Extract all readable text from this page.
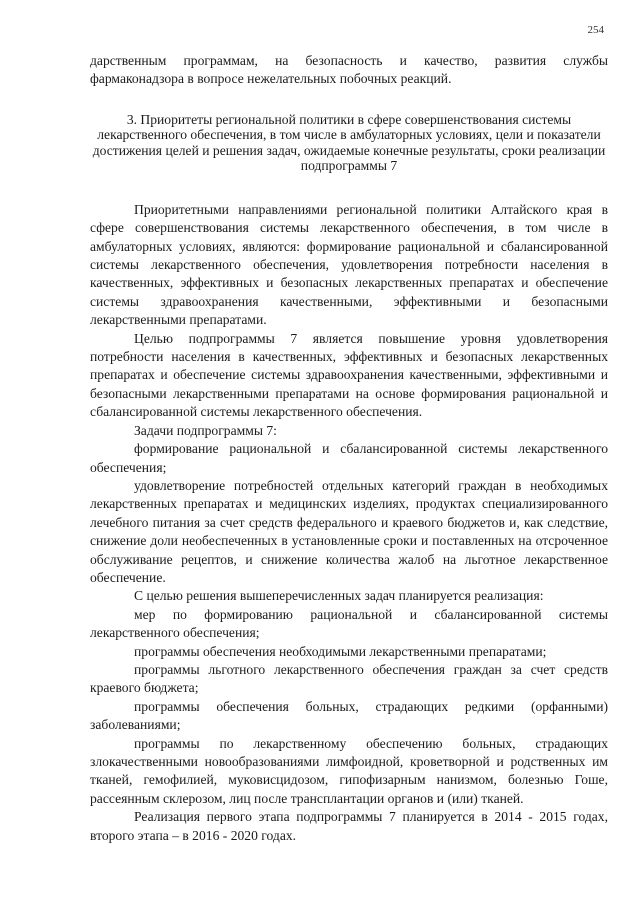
254

дарственным программам, на безопасность и качество, развития службы фармаконадзора в вопросе нежелательных побочных реакций.

3. Приоритеты региональной политики в сфере совершенствования системы лекарственного обеспечения, в том числе в амбулаторных условиях, цели и показатели достижения целей и решения задач, ожидаемые конечные результаты, сроки реализации подпрограммы 7

Приоритетными направлениями региональной политики Алтайского края в сфере совершенствования системы лекарственного обеспечения, в том числе в амбулаторных условиях, являются: формирование рациональной и сбалансированной системы лекарственного обеспечения, удовлетворения потребности населения в качественных, эффективных и безопасных лекарственных препаратах и обеспечение системы здравоохранения качественными, эффективными и безопасными лекарственными препаратами.

Целью подпрограммы 7 является повышение уровня удовлетворения потребности населения в качественных, эффективных и безопасных лекарственных препаратах и обеспечение системы здравоохранения качественными, эффективными и безопасными лекарственными препаратами на основе формирования рациональной и сбалансированной системы лекарственного обеспечения.

Задачи подпрограммы 7:

формирование рациональной и сбалансированной системы лекарственного обеспечения;

удовлетворение потребностей отдельных категорий граждан в необходимых лекарственных препаратах и медицинских изделиях, продуктах специализированного лечебного питания за счет средств федерального и краевого бюджетов и, как следствие, снижение доли необеспеченных в установленные сроки и поставленных на отсроченное обслуживание рецептов, и снижение количества жалоб на льготное лекарственное обеспечение.

С целью решения вышеперечисленных задач планируется реализация:

мер по формированию рациональной и сбалансированной системы лекарственного обеспечения;

программы обеспечения необходимыми лекарственными препаратами;

программы льготного лекарственного обеспечения граждан за счет средств краевого бюджета;

программы обеспечения больных, страдающих редкими (орфанными) заболеваниями;

программы по лекарственному обеспечению больных, страдающих злокачественными новообразованиями лимфоидной, кроветворной и родственных им тканей, гемофилией, муковисцидозом, гипофизарным нанизмом, болезнью Гоше, рассеянным склерозом, лиц после трансплантации органов и (или) тканей.

Реализация первого этапа подпрограммы 7 планируется в 2014 - 2015 годах, второго этапа – в 2016 - 2020 годах.
